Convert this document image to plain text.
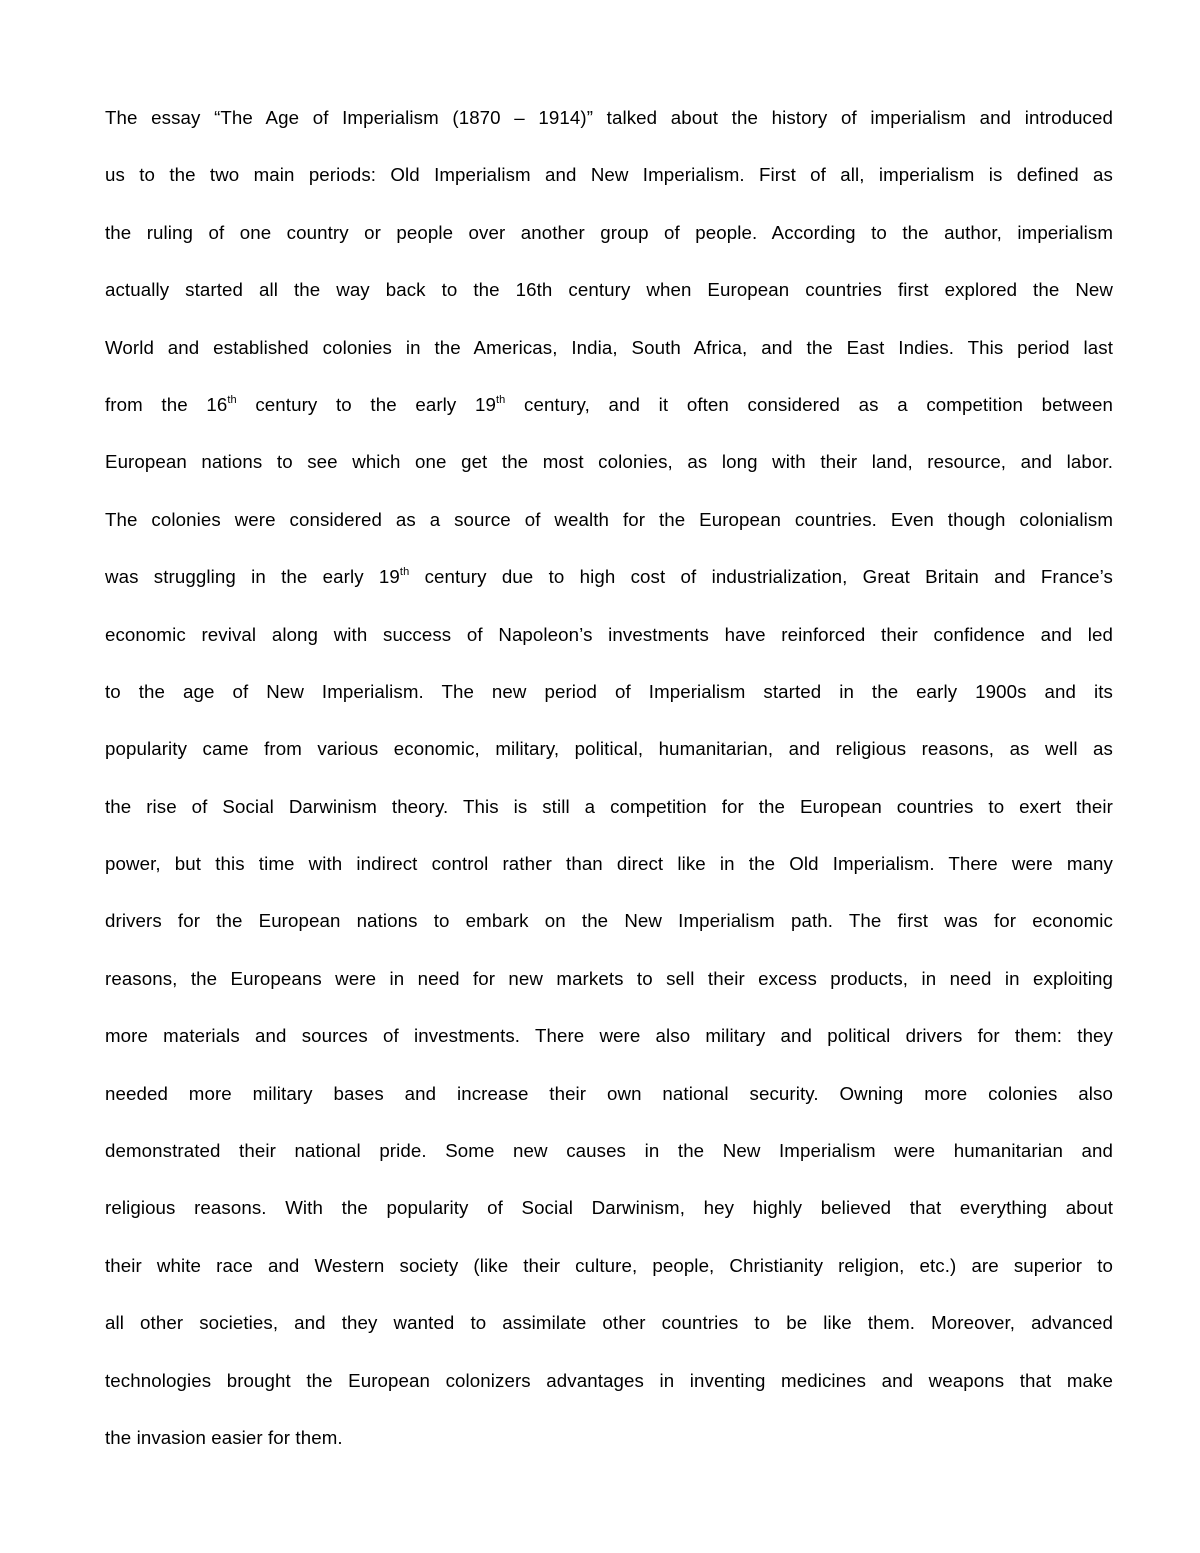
The essay “The Age of Imperialism (1870 – 1914)” talked about the history of imperialism and introduced
us to the two main periods: Old Imperialism and New Imperialism. First of all, imperialism is defined as
the ruling of one country or people over another group of people. According to the author, imperialism
actually started all the way back to the 16th century when European countries first explored the New
World and established colonies in the Americas, India, South Africa, and the East Indies. This period last
from the 16th century to the early 19th century, and it often considered as a competition between
European nations to see which one get the most colonies, as long with their land, resource, and labor.
The colonies were considered as a source of wealth for the European countries. Even though colonialism
was struggling in the early 19th century due to high cost of industrialization, Great Britain and France’s
economic revival along with success of Napoleon’s investments have reinforced their confidence and led
to the age of New Imperialism. The new period of Imperialism started in the early 1900s and its
popularity came from various economic, military, political, humanitarian, and religious reasons, as well as
the rise of Social Darwinism theory. This is still a competition for the European countries to exert their
power, but this time with indirect control rather than direct like in the Old Imperialism. There were many
drivers for the European nations to embark on the New Imperialism path. The first was for economic
reasons, the Europeans were in need for new markets to sell their excess products, in need in exploiting
more materials and sources of investments. There were also military and political drivers for them: they
needed more military bases and increase their own national security. Owning more colonies also
demonstrated their national pride. Some new causes in the New Imperialism were humanitarian and
religious reasons. With the popularity of Social Darwinism, hey highly believed that everything about
their white race and Western society (like their culture, people, Christianity religion, etc.) are superior to
all other societies, and they wanted to assimilate other countries to be like them. Moreover, advanced
technologies brought the European colonizers advantages in inventing medicines and weapons that make
the invasion easier for them.
